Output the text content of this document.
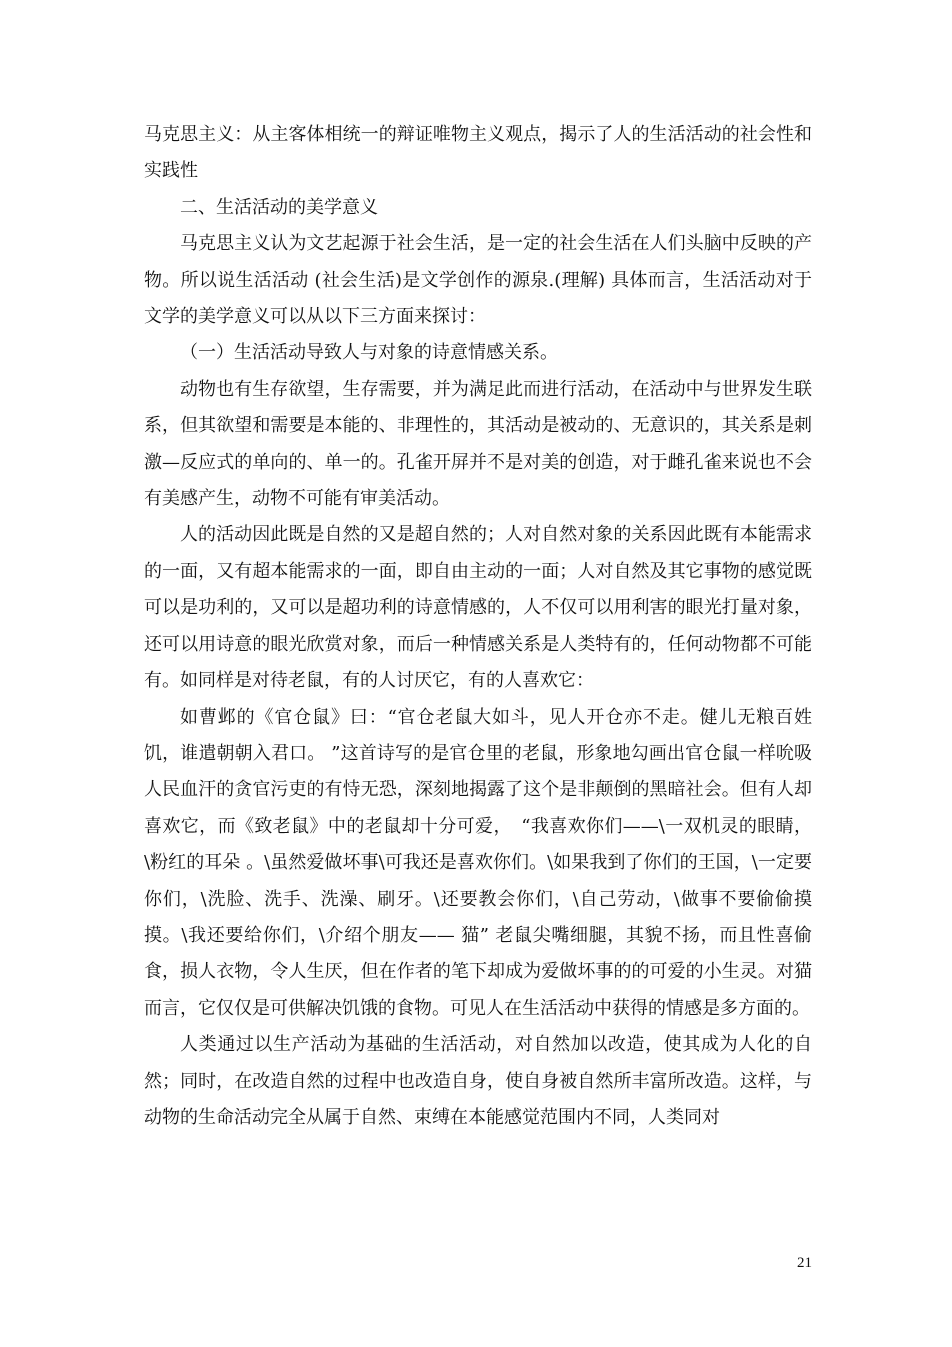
马克思主义：从主客体相统一的辩证唯物主义观点，揭示了人的生活活动的社会性和实践性

二、生活活动的美学意义

马克思主义认为文艺起源于社会生活，是一定的社会生活在人们头脑中反映的产物。所以说生活活动 (社会生活)是文学创作的源泉.(理解) 具体而言，生活活动对于文学的美学意义可以从以下三方面来探讨：

（一）生活活动导致人与对象的诗意情感关系。

动物也有生存欲望，生存需要，并为满足此而进行活动，在活动中与世界发生联系，但其欲望和需要是本能的、非理性的，其活动是被动的、无意识的，其关系是刺激—反应式的单向的、单一的。孔雀开屏并不是对美的创造，对于雌孔雀来说也不会有美感产生，动物不可能有审美活动。

人的活动因此既是自然的又是超自然的；人对自然对象的关系因此既有本能需求的一面，又有超本能需求的一面，即自由主动的一面；人对自然及其它事物的感觉既可以是功利的，又可以是超功利的诗意情感的，人不仅可以用利害的眼光打量对象，还可以用诗意的眼光欣赏对象，而后一种情感关系是人类特有的，任何动物都不可能有。如同样是对待老鼠，有的人讨厌它，有的人喜欢它：

如曹邺的《官仓鼠》曰：“官仓老鼠大如斗，见人开仓亦不走。健儿无粮百姓饥，谁遣朝朝入君口。 ”这首诗写的是官仓里的老鼠，形象地勾画出官仓鼠一样吮吸人民血汗的贪官污吏的有恃无恐，深刻地揭露了这个是非颠倒的黑暗社会。但有人却喜欢它，而《致老鼠》中的老鼠却十分可爱，　“我喜欢你们——\一双机灵的眼睛，\粉红的耳朵 。\虽然爱做坏事\可我还是喜欢你们。\如果我到了你们的王国，\一定要你们，\洗脸、洗手、洗澡、刷牙。\还要教会你们，\自己劳动，\做事不要偷偷摸摸。\我还要给你们，\介绍个朋友—— 猫” 老鼠尖嘴细腿，其貌不扬，而且性喜偷食，损人衣物，令人生厌，但在作者的笔下却成为爱做坏事的的可爱的小生灵。对猫而言，它仅仅是可供解决饥饿的食物。可见人在生活活动中获得的情感是多方面的。

人类通过以生产活动为基础的生活活动，对自然加以改造，使其成为人化的自然；同时，在改造自然的过程中也改造自身，使自身被自然所丰富所改造。这样，与动物的生命活动完全从属于自然、束缚在本能感觉范围内不同，人类同对

21
